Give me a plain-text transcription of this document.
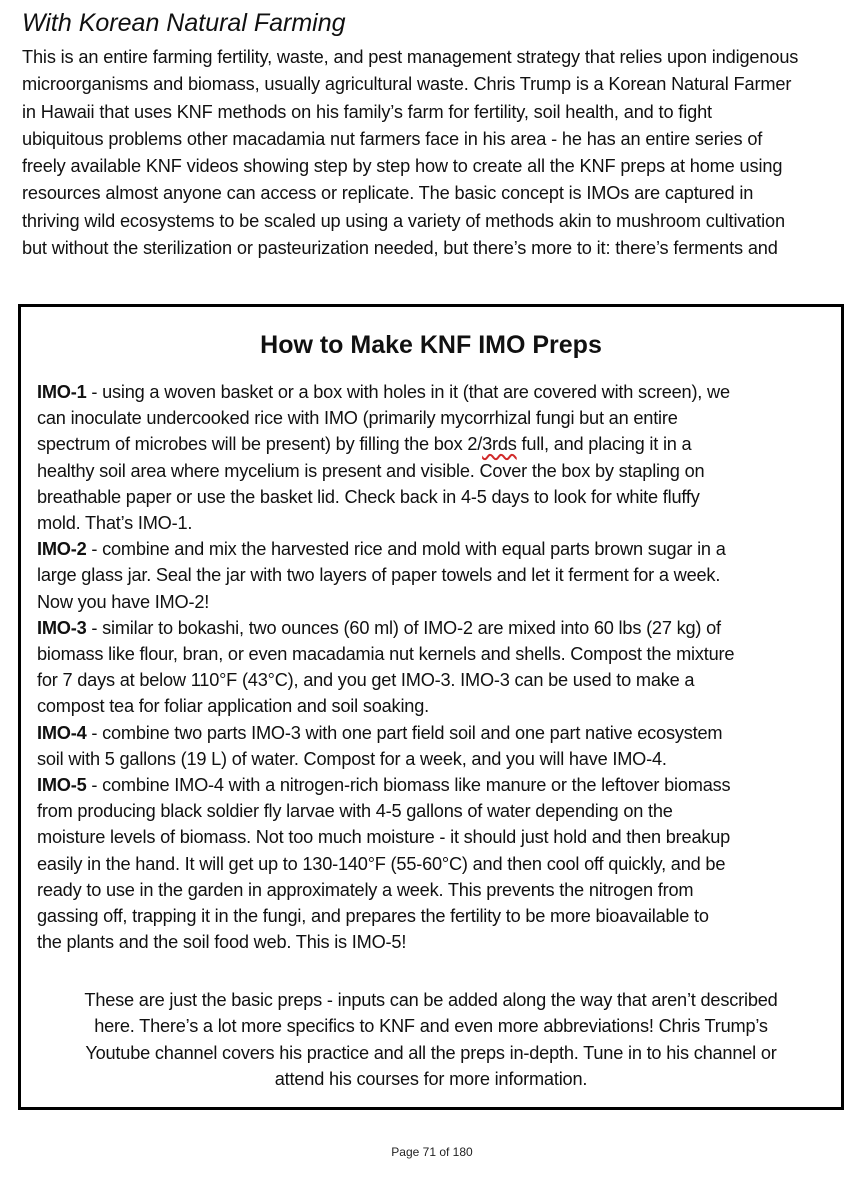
With Korean Natural Farming

This is an entire farming fertility, waste, and pest management strategy that relies upon indigenous
microorganisms and biomass, usually agricultural waste. Chris Trump is a Korean Natural Farmer
in Hawaii that uses KNF methods on his family’s farm for fertility, soil health, and to fight
ubiquitous problems other macadamia nut farmers face in his area - he has an entire series of
freely available KNF videos showing step by step how to create all the KNF preps at home using
resources almost anyone can access or replicate. The basic concept is IMOs are captured in
thriving wild ecosystems to be scaled up using a variety of methods akin to mushroom cultivation
but without the sterilization or pasteurization needed, but there’s more to it: there’s ferments and

How to Make KNF IMO Preps
IMO-1 - using a woven basket or a box with holes in it (that are covered with screen), we
can inoculate undercooked rice with IMO (primarily mycorrhizal fungi but an entire
spectrum of microbes will be present) by filling the box 2/3rds full, and placing it in a
healthy soil area where mycelium is present and visible. Cover the box by stapling on
breathable paper or use the basket lid. Check back in 4-5 days to look for white fluffy
mold. That’s IMO-1.
IMO-2 - combine and mix the harvested rice and mold with equal parts brown sugar in a
large glass jar. Seal the jar with two layers of paper towels and let it ferment for a week.
Now you have IMO-2!
IMO-3 - similar to bokashi, two ounces (60 ml) of IMO-2 are mixed into 60 lbs (27 kg) of
biomass like flour, bran, or even macadamia nut kernels and shells. Compost the mixture
for 7 days at below 110°F (43°C), and you get IMO-3. IMO-3 can be used to make a
compost tea for foliar application and soil soaking.
IMO-4 - combine two parts IMO-3 with one part field soil and one part native ecosystem
soil with 5 gallons (19 L) of water. Compost for a week, and you will have IMO-4.
IMO-5 - combine IMO-4 with a nitrogen-rich biomass like manure or the leftover biomass
from producing black soldier fly larvae with 4-5 gallons of water depending on the
moisture levels of biomass. Not too much moisture - it should just hold and then breakup
easily in the hand. It will get up to 130-140°F (55-60°C) and then cool off quickly, and be
ready to use in the garden in approximately a week. This prevents the nitrogen from
gassing off, trapping it in the fungi, and prepares the fertility to be more bioavailable to
the plants and the soil food web. This is IMO-5!

These are just the basic preps - inputs can be added along the way that aren’t described
here. There’s a lot more specifics to KNF and even more abbreviations! Chris Trump’s
Youtube channel covers his practice and all the preps in-depth. Tune in to his channel or
attend his courses for more information.

Page 71 of 180
